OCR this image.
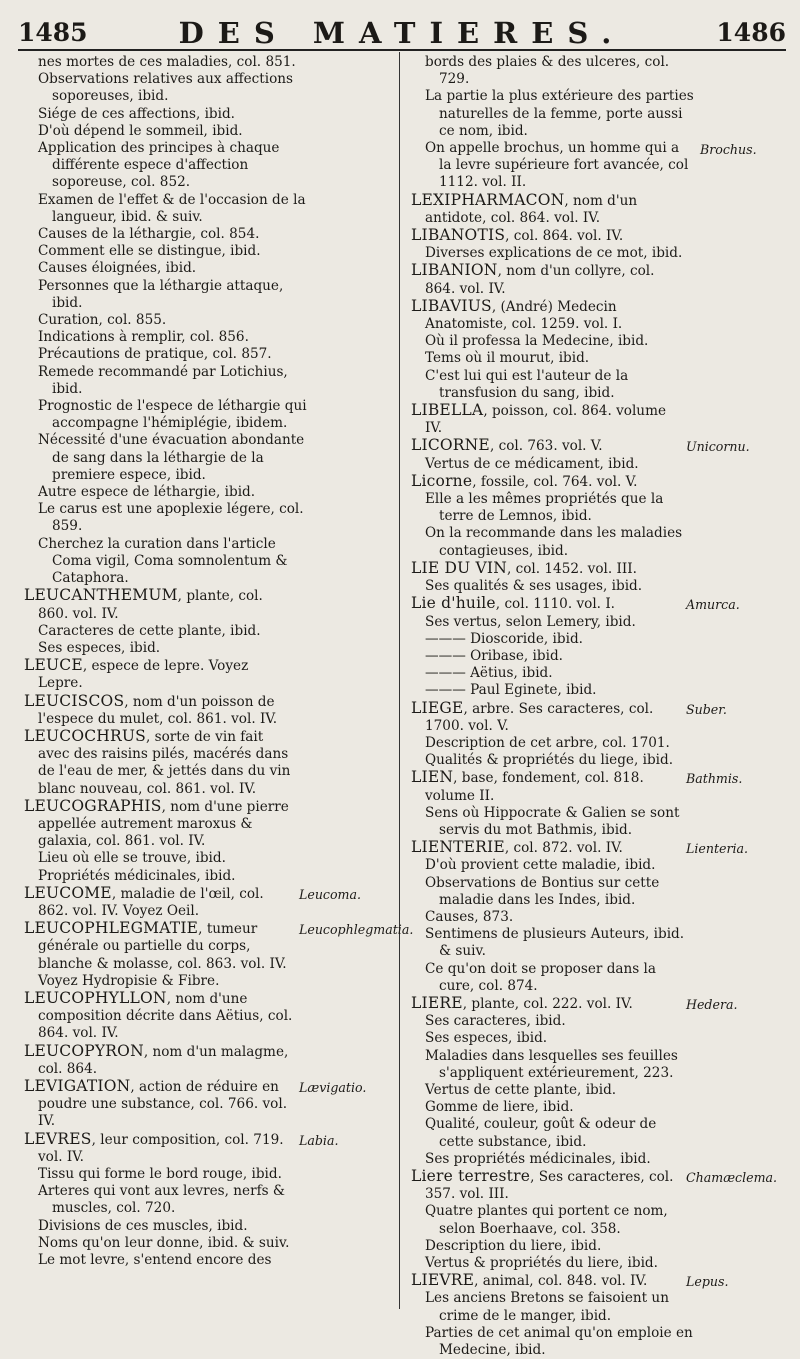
1485	DES MATIERES.	1486
nes mortes de ces maladies, col. 851.
Observations relatives aux affections soporeuses, ibid.
Siége de ces affections, ibid.
D'où dépend le sommeil, ibid.
Application des principes à chaque différente espece d'affection soporeuse, col. 852.
Examen de l'effet & de l'occasion de la langueur, ibid. & suiv.
Causes de la léthargie, col. 854.
Comment elle se distingue, ibid.
Causes éloignées, ibid.
Personnes que la léthargie attaque, ibid.
Curation, col. 855.
Indications à remplir, col. 856.
Précautions de pratique, col. 857.
Remede recommandé par Lotichius, ibid.
Prognostic de l'espece de léthargie qui accompagne l'hémiplégie, ibidem.
Nécessité d'une évacuation abondante de sang dans la léthargie de la premiere espece, ibid.
Autre espece de léthargie, ibid.
Le carus est une apoplexie légere, col. 859.
Cherchez la curation dans l'article Coma vigil, Coma somnolentum & Cataphora.
LEUCANTHEMUM, plante, col. 860. vol. IV.
Caracteres de cette plante, ibid.
Ses especes, ibid.
LEUCE, espece de lepre. Voyez Lepre.
LEUCISCOS, nom d'un poisson de l'espece du mulet, col. 861. vol. IV.
LEUCOCHRUS, sorte de vin fait avec des raisins pilés, macérés dans de l'eau de mer, & jettés dans du vin blanc nouveau, col. 861. vol. IV.
LEUCOGRAPHIS, nom d'une pierre appellée autrement maroxus & galaxia, col. 861. vol. IV.
Lieu où elle se trouve, ibid.
Propriétés médicinales, ibid.
LEUCOME, maladie de l'œil, col. 862. vol. IV. Voyez Oeil.
Leucoma.
LEUCOPHLEGMATIE, tumeur générale ou partielle du corps, blanche & molasse, col. 863. vol. IV.
Leucophlegmatia.
Voyez Hydropisie & Fibre.
LEUCOPHYLLON, nom d'une composition décrite dans Aëtius, col. 864. vol. IV.
LEUCOPYRON, nom d'un malagme, col. 864.
LEVIGATION, action de réduire en poudre une substance, col. 766. vol. IV.
Lævigatio.
LEVRES, leur composition, col. 719. vol. IV.
Labia.
Tissu qui forme le bord rouge, ibid.
Arteres qui vont aux levres, nerfs & muscles, col. 720.
Divisions de ces muscles, ibid.
Noms qu'on leur donne, ibid. & suiv.
Le mot levre, s'entend encore des
bords des plaies & des ulceres, col. 729.
La partie la plus extérieure des parties naturelles de la femme, porte aussi ce nom, ibid.
On appelle brochus, un homme qui a la levre supérieure fort avancée, col 1112. vol. II.
Brochus.
LEXIPHARMACON, nom d'un antidote, col. 864. vol. IV.
LIBANOTIS, col. 864. vol. IV.
Diverses explications de ce mot, ibid.
LIBANION, nom d'un collyre, col. 864. vol. IV.
LIBAVIUS, (André) Medecin Anatomiste, col. 1259. vol. I.
Où il professa la Medecine, ibid.
Tems où il mourut, ibid.
C'est lui qui est l'auteur de la transfusion du sang, ibid.
LIBELLA, poisson, col. 864. volume IV.
LICORNE, col. 763. vol. V.	Unicornu.
Vertus de ce médicament, ibid.
Licorne, fossile, col. 764. vol. V.
Elle a les mêmes propriétés que la terre de Lemnos, ibid.
On la recommande dans les maladies contagieuses, ibid.
LIE DU VIN, col. 1452. vol. III.
Ses qualités & ses usages, ibid.
Lie d'huile, col. 1110. vol. I.	Amurca.
Ses vertus, selon Lemery, ibid.
——— Dioscoride, ibid.
——— Oribase, ibid.
——— Aëtius, ibid.
——— Paul Eginete, ibid.
LIEGE, arbre. Ses caracteres, col. 1700. vol. V.
Suber.
Description de cet arbre, col. 1701.
Qualités & propriétés du liege, ibid.
LIEN, base, fondement, col. 818. volume II.
Bathmis.
Sens où Hippocrate & Galien se sont servis du mot Bathmis, ibid.
LIENTERIE, col. 872. vol. IV.	Lienteria.
D'où provient cette maladie, ibid.
Observations de Bontius sur cette maladie dans les Indes, ibid.
Causes, 873.
Sentimens de plusieurs Auteurs, ibid. & suiv.
Ce qu'on doit se proposer dans la cure, col. 874.
LIERE, plante, col. 222. vol. IV.	Hedera.
Ses caracteres, ibid.
Ses especes, ibid.
Maladies dans lesquelles ses feuilles s'appliquent extérieurement, 223.
Vertus de cette plante, ibid.
Gomme de liere, ibid.
Qualité, couleur, goût & odeur de cette substance, ibid.
Ses propriétés médicinales, ibid.
Liere terrestre, Ses caracteres, col. 357. vol. III.
Chamæclema.
Quatre plantes qui portent ce nom, selon Boerhaave, col. 358.
Description du liere, ibid.
Vertus & propriétés du liere, ibid.
LIEVRE, animal, col. 848. vol. IV.	Lepus.
Les anciens Bretons se faisoient un crime de le manger, ibid.
Parties de cet animal qu'on emploie en Medecine, ibid.
